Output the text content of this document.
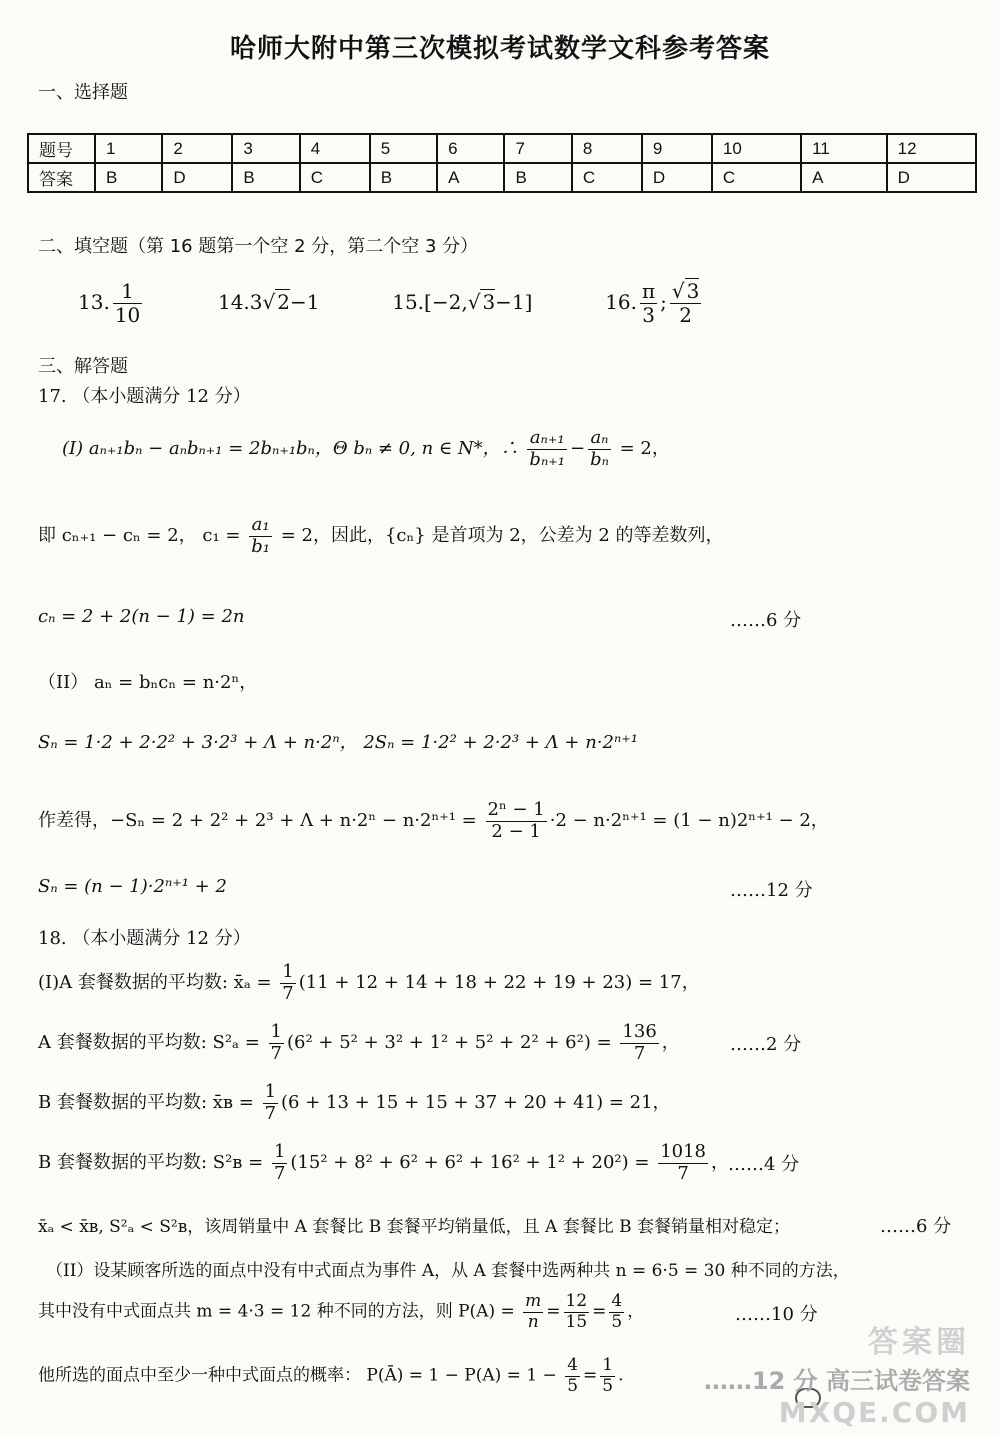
哈师大附中第三次模拟考试数学文科参考答案
一、选择题
题号	1	2	3	4	5	6	7	8	9	10	11	12
答案	B	D	B	C	B	A	B	C	D	C	A	D
二、填空题（第 16 题第一个空 2 分，第二个空 3 分）
13. $\frac{1}{10}$	14.3√ 2−1	15.[−2,√ 3−1]	16. $\frac{\pi}{3}$ ; $\frac{√ 3}{2}$
三、解答题
17. （本小题满分 12 分）
(I) aₙ₊₁bₙ − aₙbₙ₊₁ = 2bₙ₊₁bₙ，Θ bₙ ≠ 0, n ∈ N*，∴ $\frac{\text{aₙ₊₁}}{\text{bₙ₊₁}} - \frac{\text{aₙ}}{\text{bₙ}} = 2$，
即 cₙ₊₁ − cₙ = 2， $c_1 = \frac{\text{a₁}}{\text{b₁}} = 2$，因此，{cₙ} 是首项为 2，公差为 2 的等差数列，
cₙ = 2 + 2(n − 1) = 2n	……6 分
（II） aₙ = bₙcₙ = n·2ⁿ，
Sₙ = 1·2 + 2·2² + 3·2³ + Λ + n·2ⁿ， 2Sₙ = 1·2² + 2·2³ + Λ + n·2ⁿ⁺¹
作差得，$-S_n = 2 + 2^2 + 2^3 + \Lambda + n\cdot 2^n - n\cdot 2^{n+1} = \frac{\text{2ⁿ − 1}}{2 - 1} \cdot 2 - n\cdot 2^{n+1} = (1 - n)2^{n+1} - 2$，
Sₙ = (n − 1)·2ⁿ⁺¹ + 2	……12 分
18. （本小题满分 12 分）
(I)A 套餐数据的平均数: x̄ₐ = $\frac{1}{7} (11 + 12 + 14 + 18 + 22 + 19 + 23) = 17$，
A 套餐数据的平均数: $S^2_a = \frac{1}{7} (6^2 + 5^2 + 3^2 + 1^2 + 5^2 + 2^2 + 6^2) = \frac{136}{7}$ ，	……2 分
B 套餐数据的平均数: x̄ʙ = $\frac{1}{7} (6 + 13 + 15 + 15 + 37 + 20 + 41) = 21$，
B 套餐数据的平均数: S²ʙ = $\frac{1}{7} (15^2 + 8^2 + 6^2 + 6^2 + 16^2 + 1^2 + 20^2) = \frac{1018}{7}$ ，
……4 分
x̄ₐ < x̄ʙ, S²ₐ < S²ʙ，该周销量中 A 套餐比 B 套餐平均销量低，且 A 套餐比 B 套餐销量相对稳定；	……6 分
（II）设某顾客所选的面点中没有中式面点为事件 A，从 A 套餐中选两种共 n = 6·5 = 30 种不同的方法，
其中没有中式面点共 m = 4·3 = 12 种不同的方法，则 $P(A) = \frac{m}{n} = \frac{12}{15} = \frac{4}{5}$ ，	……10 分
他所选的面点中至少一种中式面点的概率： P(Ā) = $1 - P(A) = 1 - \frac{4}{5} = \frac{1}{5}$ .
答案圈
……12 分 高三试卷答案
MXQE.COM
